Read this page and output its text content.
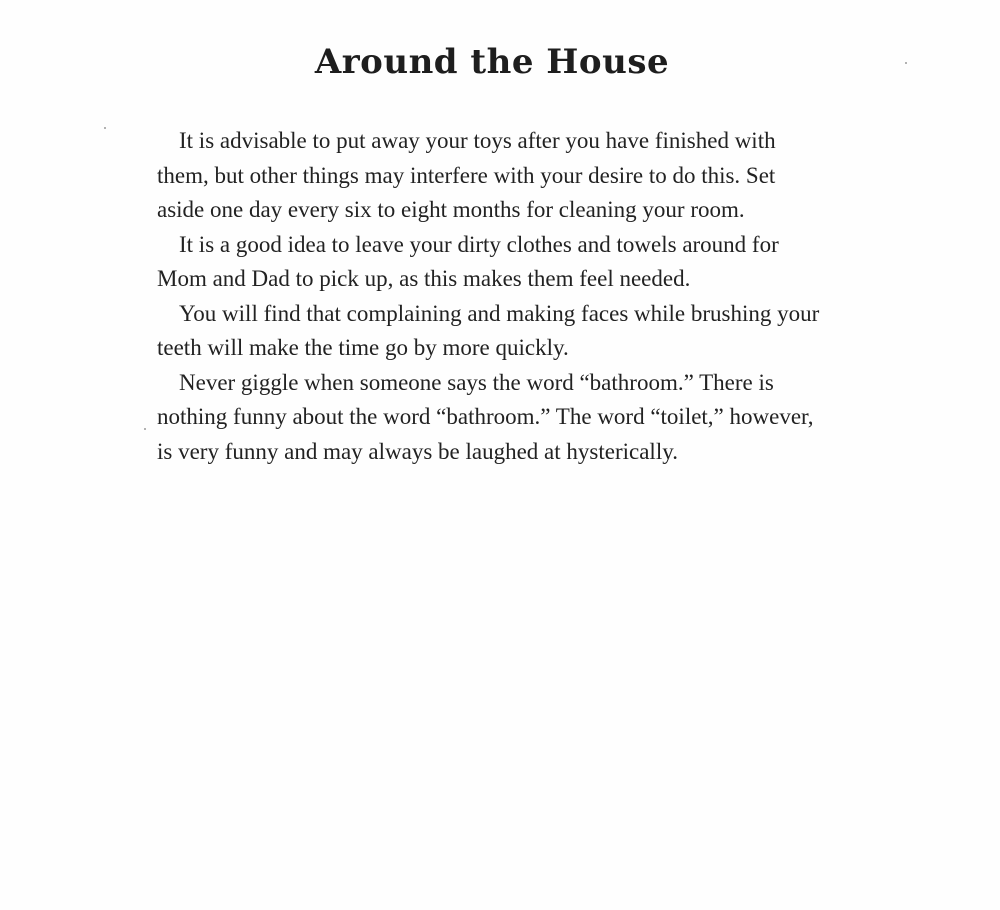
Around the House

It is advisable to put away your toys after you have finished with them, but other things may interfere with your desire to do this. Set aside one day every six to eight months for cleaning your room.

It is a good idea to leave your dirty clothes and towels around for Mom and Dad to pick up, as this makes them feel needed.

You will find that complaining and making faces while brushing your teeth will make the time go by more quickly.

Never giggle when someone says the word “bathroom.” There is nothing funny about the word “bathroom.” The word “toilet,” however, is very funny and may always be laughed at hysterically.
